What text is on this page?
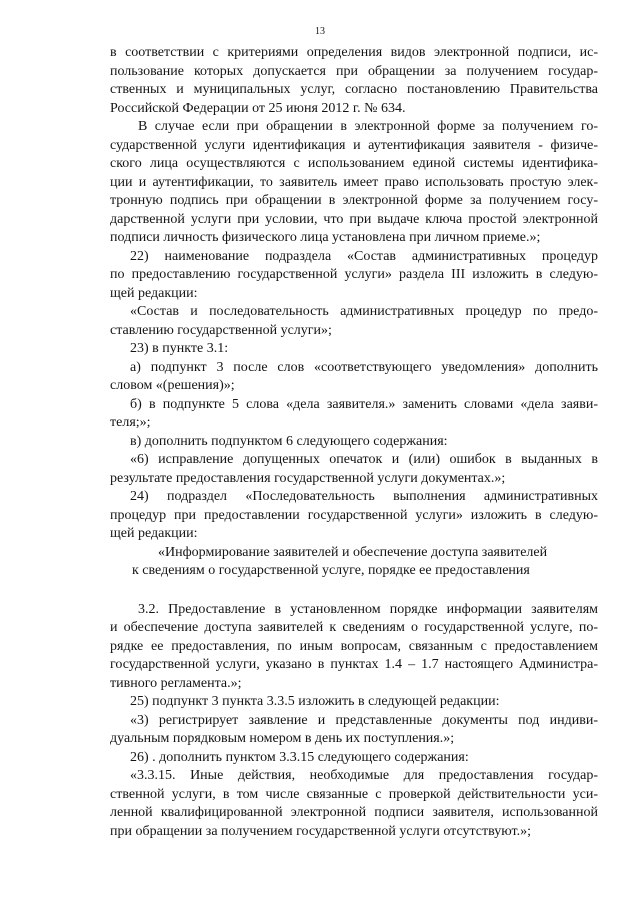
13
в соответствии с критериями определения видов электронной подписи, ис-
пользование которых допускается при обращении за получением государ-
ственных и муниципальных услуг, согласно постановлению Правительства
Российской Федерации от 25 июня 2012 г. № 634.
В случае если при обращении в электронной форме за получением го-
сударственной услуги идентификация и аутентификация заявителя - физиче-
ского лица осуществляются с использованием единой системы идентифика-
ции и аутентификации, то заявитель имеет право использовать простую элек-
тронную подпись при обращении в электронной форме за получением госу-
дарственной услуги при условии, что при выдаче ключа простой электронной
подписи личность физического лица установлена при личном приеме.»;
22) наименование подраздела «Состав административных процедур
по предоставлению государственной услуги» раздела III изложить в следую-
щей редакции:
«Состав и последовательность административных процедур по предо-
ставлению государственной услуги»;
23) в пункте 3.1:
а) подпункт 3 после слов «соответствующего уведомления» дополнить
словом «(решения)»;
б) в подпункте 5 слова «дела заявителя.» заменить словами «дела заяви-
теля;»;
в) дополнить подпунктом 6 следующего содержания:
«6) исправление допущенных опечаток и (или) ошибок в выданных в
результате предоставления государственной услуги документах.»;
24) подраздел «Последовательность выполнения административных
процедур при предоставлении государственной услуги» изложить в следую-
щей редакции:
«Информирование заявителей и обеспечение доступа заявителей
к сведениям о государственной услуге, порядке ее предоставления
3.2. Предоставление в установленном порядке информации заявителям
и обеспечение доступа заявителей к сведениям о государственной услуге, по-
рядке ее предоставления, по иным вопросам, связанным с предоставлением
государственной услуги, указано в пунктах 1.4 – 1.7 настоящего Администра-
тивного регламента.»;
25) подпункт 3 пункта 3.3.5 изложить в следующей редакции:
«3) регистрирует заявление и представленные документы под индиви-
дуальным порядковым номером в день их поступления.»;
26) . дополнить пунктом 3.3.15 следующего содержания:
«3.3.15. Иные действия, необходимые для предоставления государ-
ственной услуги, в том числе связанные с проверкой действительности уси-
ленной квалифицированной электронной подписи заявителя, использованной
при обращении за получением государственной услуги отсутствуют.»;
